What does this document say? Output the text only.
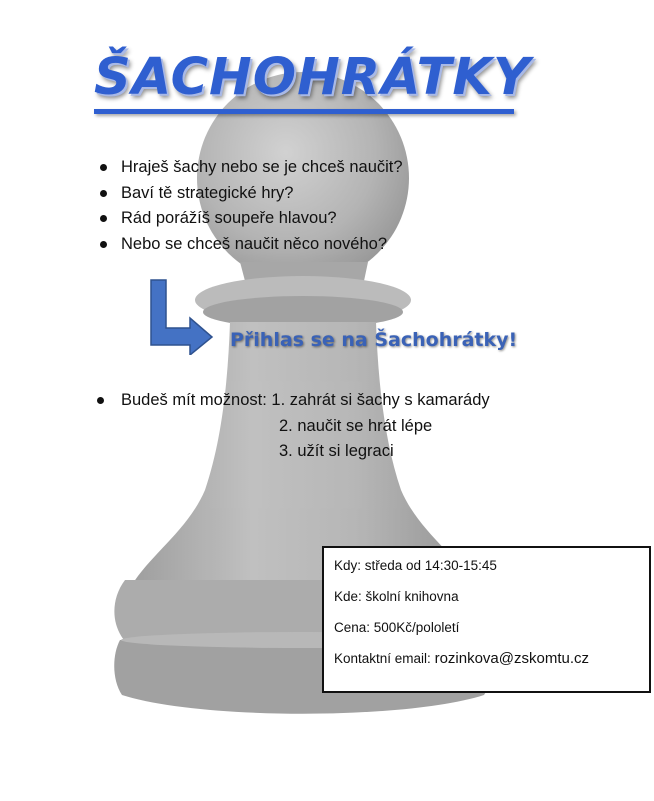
ŠACHOHRÁTKY
Hraješ šachy nebo se je chceš naučit?
Baví tě strategické hry?
Rád porážíš soupeře hlavou?
Nebo se chceš naučit něco nového?
Přihlas se na Šachohrátky!
Budeš mít možnost: 1. zahrát si šachy s kamarády
2. naučit se hrát lépe
3. užít si legraci
Kdy: středa od 14:30-15:45
Kde: školní knihovna
Cena: 500Kč/pololetí
Kontaktní email: rozinkova@zskomtu.cz
